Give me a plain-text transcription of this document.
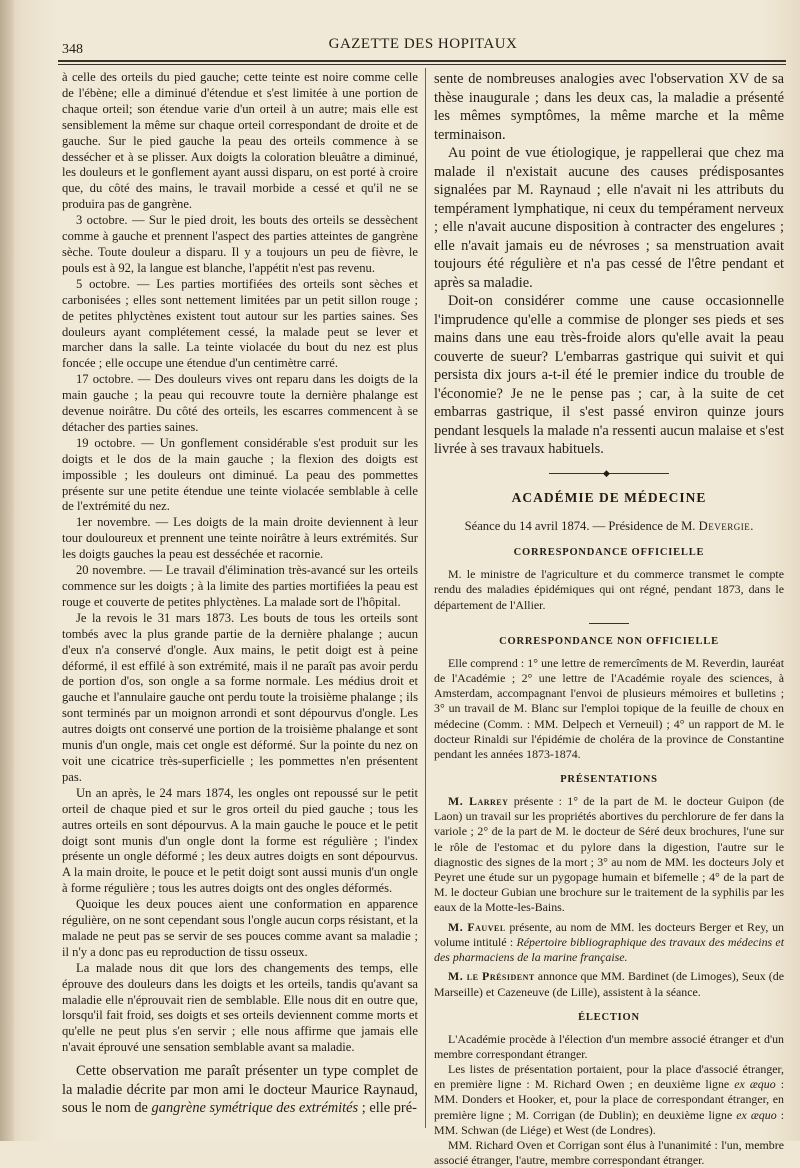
348	GAZETTE DES HOPITAUX

à celle des orteils du pied gauche; cette teinte est noire comme celle de l'ébène; elle a diminué d'étendue et s'est limitée à une portion de chaque orteil; son étendue varie d'un orteil à un autre; mais elle est sensiblement la même sur chaque orteil correspondant de droite et de gauche. Sur le pied gauche la peau des orteils commence à se dessécher et à se plisser. Aux doigts la coloration bleuâtre a diminué, les douleurs et le gonflement ayant aussi disparu, on est porté à croire que, du côté des mains, le travail morbide a cessé et qu'il ne se produira pas de gangrène.

3 octobre. — Sur le pied droit, les bouts des orteils se dessèchent comme à gauche et prennent l'aspect des parties atteintes de gangrène sèche. Toute douleur a disparu. Il y a toujours un peu de fièvre, le pouls est à 92, la langue est blanche, l'appétit n'est pas revenu.

5 octobre. — Les parties mortifiées des orteils sont sèches et carbonisées ; elles sont nettement limitées par un petit sillon rouge ; de petites phlyctènes existent tout autour sur les parties saines. Ses douleurs ayant complétement cessé, la malade peut se lever et marcher dans la salle. La teinte violacée du bout du nez est plus foncée ; elle occupe une étendue d'un centimètre carré.

17 octobre. — Des douleurs vives ont reparu dans les doigts de la main gauche ; la peau qui recouvre toute la dernière phalange est devenue noirâtre. Du côté des orteils, les escarres commencent à se détacher des parties saines.

19 octobre. — Un gonflement considérable s'est produit sur les doigts et le dos de la main gauche ; la flexion des doigts est impossible ; les douleurs ont diminué. La peau des pommettes présente sur une petite étendue une teinte violacée semblable à celle de l'extrémité du nez.

1er novembre. — Les doigts de la main droite deviennent à leur tour douloureux et prennent une teinte noirâtre à leurs extrémités. Sur les doigts gauches la peau est desséchée et racornie.

20 novembre. — Le travail d'élimination très-avancé sur les orteils commence sur les doigts ; à la limite des parties mortifiées la peau est rouge et couverte de petites phlyctènes. La malade sort de l'hôpital.

Je la revois le 31 mars 1873. Les bouts de tous les orteils sont tombés avec la plus grande partie de la dernière phalange ; aucun d'eux n'a conservé d'ongle. Aux mains, le petit doigt est à peine déformé, il est effilé à son extrémité, mais il ne paraît pas avoir perdu de portion d'os, son ongle a sa forme normale. Les médius droit et gauche et l'annulaire gauche ont perdu toute la troisième phalange ; ils sont terminés par un moignon arrondi et sont dépourvus d'ongle. Les autres doigts ont conservé une portion de la troisième phalange et sont munis d'un ongle, mais cet ongle est déformé. Sur la pointe du nez on voit une cicatrice très-superficielle ; les pommettes n'en présentent pas.

Un an après, le 24 mars 1874, les ongles ont repoussé sur le petit orteil de chaque pied et sur le gros orteil du pied gauche ; tous les autres orteils en sont dépourvus. A la main gauche le pouce et le petit doigt sont munis d'un ongle dont la forme est régulière ; l'index présente un ongle déformé ; les deux autres doigts en sont dépourvus. A la main droite, le pouce et le petit doigt sont aussi munis d'un ongle à forme régulière ; tous les autres doigts ont des ongles déformés.

Quoique les deux pouces aient une conformation en apparence régulière, on ne sont cependant sous l'ongle aucun corps résistant, et la malade ne peut pas se servir de ses pouces comme avant sa maladie ; il n'y a donc pas eu reproduction de tissu osseux.

La malade nous dit que lors des changements des temps, elle éprouve des douleurs dans les doigts et les orteils, tandis qu'avant sa maladie elle n'éprouvait rien de semblable. Elle nous dit en outre que, lorsqu'il fait froid, ses doigts et ses orteils deviennent comme morts et qu'elle ne peut plus s'en servir ; elle nous affirme que jamais elle n'avait éprouvé une sensation semblable avant sa maladie.

Cette observation me paraît présenter un type complet de la maladie décrite par mon ami le docteur Maurice Raynaud, sous le nom de gangrène symétrique des extrémités ; elle pré-

sente de nombreuses analogies avec l'observation XV de sa thèse inaugurale ; dans les deux cas, la maladie a présenté les mêmes symptômes, la même marche et la même terminaison.

Au point de vue étiologique, je rappellerai que chez ma malade il n'existait aucune des causes prédisposantes signalées par M. Raynaud ; elle n'avait ni les attributs du tempérament lymphatique, ni ceux du tempérament nerveux ; elle n'avait aucune disposition à contracter des engelures ; elle n'avait jamais eu de névroses ; sa menstruation avait toujours été régulière et n'a pas cessé de l'être pendant et après sa maladie.

Doit-on considérer comme une cause occasionnelle l'imprudence qu'elle a commise de plonger ses pieds et ses mains dans une eau très-froide alors qu'elle avait la peau couverte de sueur? L'embarras gastrique qui suivit et qui persista dix jours a-t-il été le premier indice du trouble de l'économie? Je ne le pense pas ; car, à la suite de cet embarras gastrique, il s'est passé environ quinze jours pendant lesquels la malade n'a ressenti aucun malaise et s'est livrée à ses travaux habituels.

◆
ACADÉMIE DE MÉDECINE
Séance du 14 avril 1874. — Présidence de M. Devergie.
CORRESPONDANCE OFFICIELLE

M. le ministre de l'agriculture et du commerce transmet le compte rendu des maladies épidémiques qui ont régné, pendant 1873, dans le département de l'Allier.

CORRESPONDANCE NON OFFICIELLE

Elle comprend : 1° une lettre de remercîments de M. Reverdin, lauréat de l'Académie ; 2° une lettre de l'Académie royale des sciences, à Amsterdam, accompagnant l'envoi de plusieurs mémoires et bulletins ; 3° un travail de M. Blanc sur l'emploi topique de la feuille de choux en médecine (Comm. : MM. Delpech et Verneuil) ; 4° un rapport de M. le docteur Rinaldi sur l'épidémie de choléra de la province de Constantine pendant les années 1873-1874.

PRÉSENTATIONS

M. Larrey présente : 1° de la part de M. le docteur Guipon (de Laon) un travail sur les propriétés abortives du perchlorure de fer dans la variole ; 2° de la part de M. le docteur de Séré deux brochures, l'une sur le rôle de l'estomac et du pylore dans la digestion, l'autre sur le diagnostic des signes de la mort ; 3° au nom de MM. les docteurs Joly et Peyret une étude sur un pygopage humain et bifemelle ; 4° de la part de M. le docteur Gubian une brochure sur le traitement de la syphilis par les eaux de la Motte-les-Bains.

M. Fauvel présente, au nom de MM. les docteurs Berger et Rey, un volume intitulé : Répertoire bibliographique des travaux des médecins et des pharmaciens de la marine française.

M. le Président annonce que MM. Bardinet (de Limoges), Seux (de Marseille) et Cazeneuve (de Lille), assistent à la séance.

ÉLECTION

L'Académie procède à l'élection d'un membre associé étranger et d'un membre correspondant étranger.

Les listes de présentation portaient, pour la place d'associé étranger, en première ligne : M. Richard Owen ; en deuxième ligne ex æquo : MM. Donders et Hooker, et, pour la place de correspondant étranger, en première ligne ; M. Corrigan (de Dublin); en deuxième ligne ex æquo : MM. Schwan (de Liége) et West (de Londres).

MM. Richard Oven et Corrigan sont élus à l'unanimité : l'un, membre associé étranger, l'autre, membre correspondant étranger.
